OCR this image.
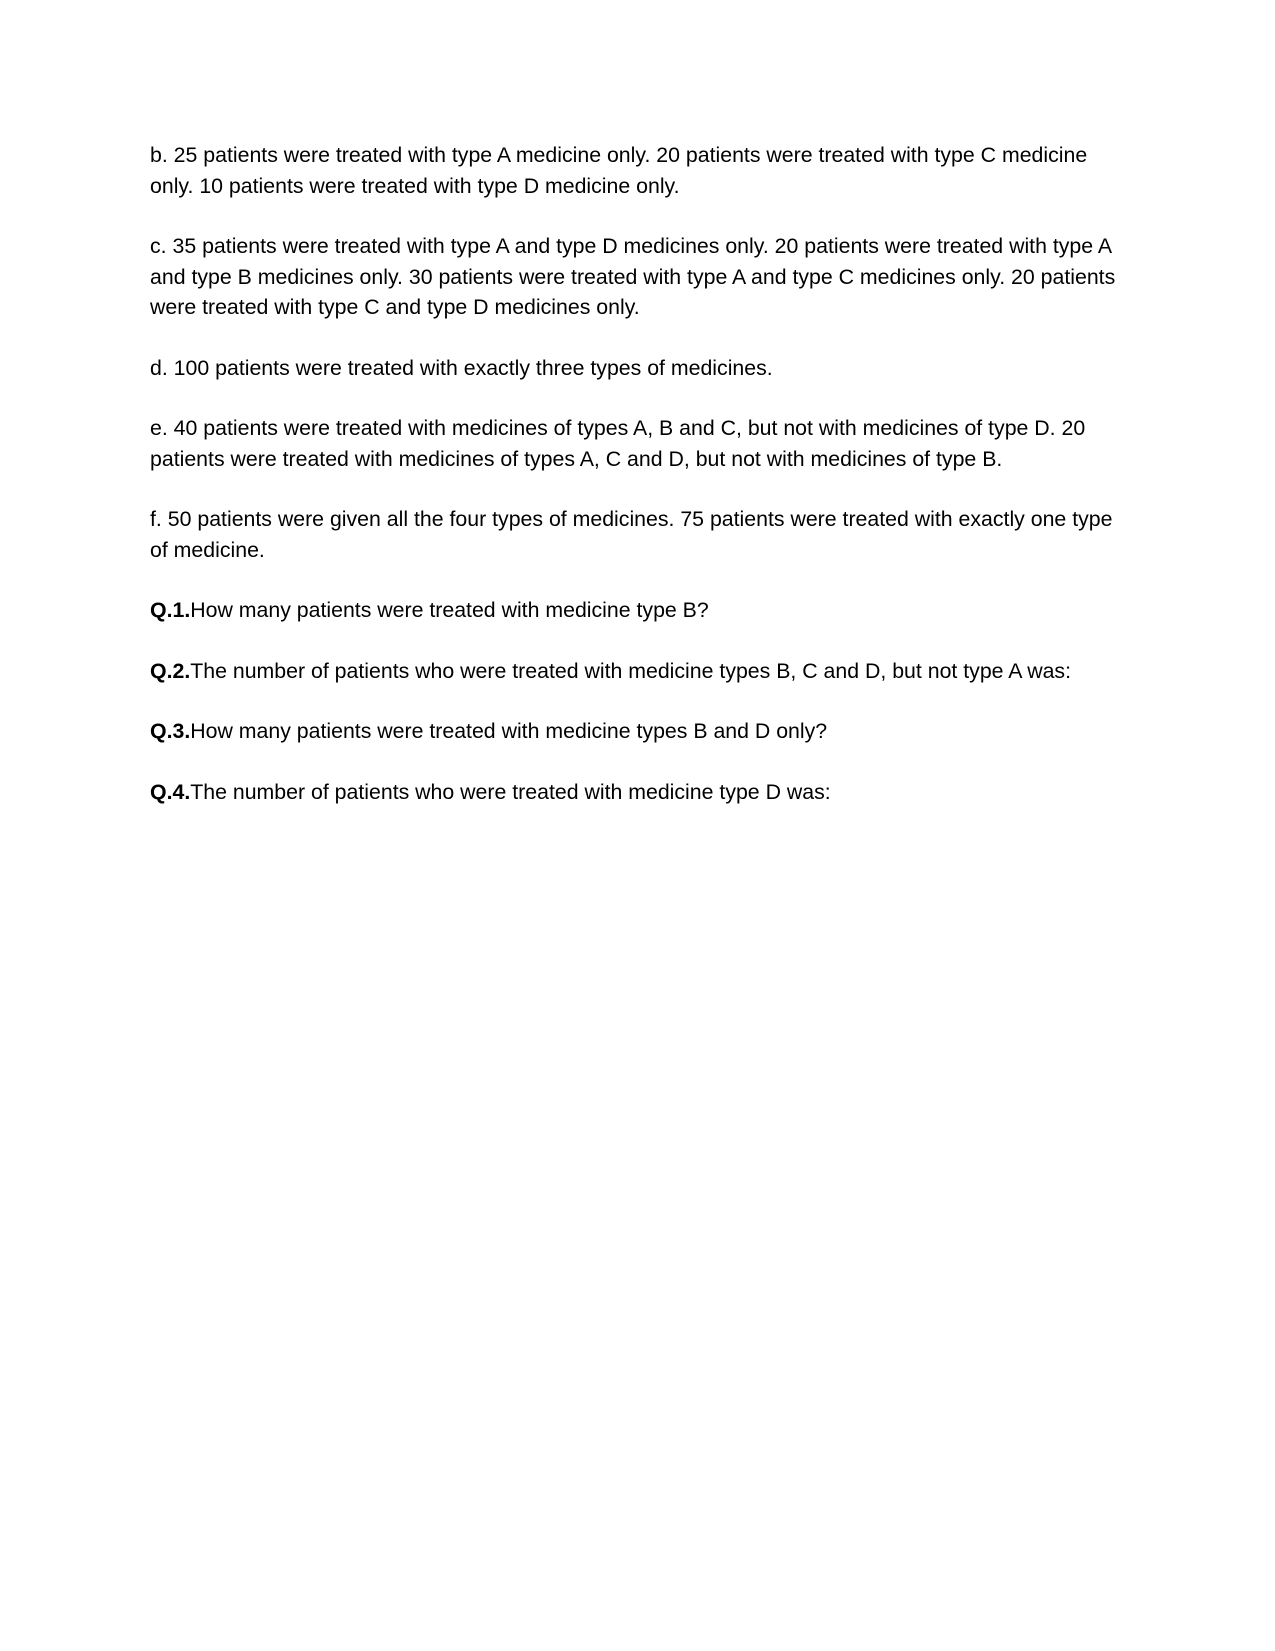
b. 25 patients were treated with type A medicine only. 20 patients were treated with type C medicine only. 10 patients were treated with type D medicine only.

c. 35 patients were treated with type A and type D medicines only. 20 patients were treated with type A and type B medicines only. 30 patients were treated with type A and type C medicines only. 20 patients were treated with type C and type D medicines only.

d. 100 patients were treated with exactly three types of medicines.

e. 40 patients were treated with medicines of types A, B and C, but not with medicines of type D. 20 patients were treated with medicines of types A, C and D, but not with medicines of type B.

f. 50 patients were given all the four types of medicines. 75 patients were treated with exactly one type of medicine.

Q.1.How many patients were treated with medicine type B?

Q.2.The number of patients who were treated with medicine types B, C and D, but not type A was:

Q.3.How many patients were treated with medicine types B and D only?

Q.4.The number of patients who were treated with medicine type D was:
